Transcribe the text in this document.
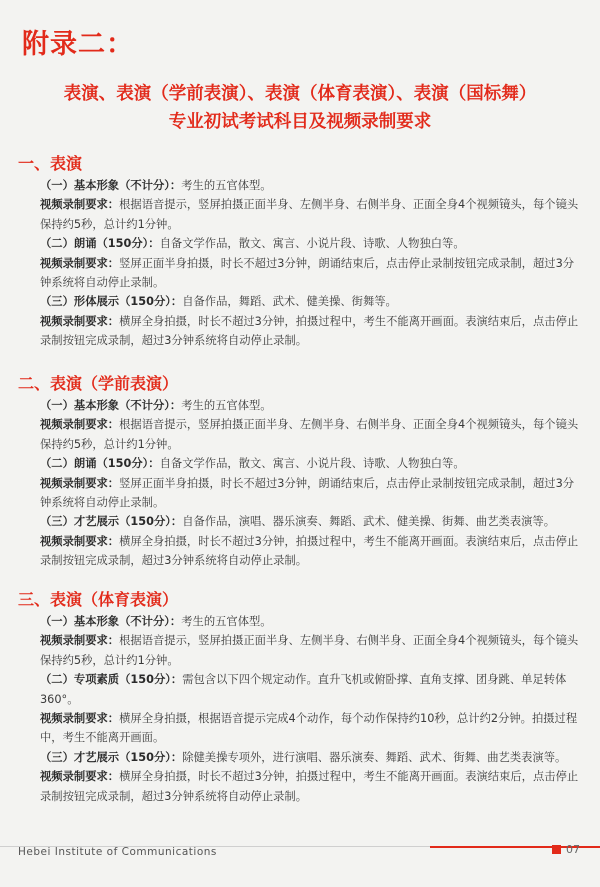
附录二：
表演、表演（学前表演）、表演（体育表演）、表演（国标舞）
专业初试考试科目及视频录制要求
一、表演

（一）基本形象（不计分）：考生的五官体型。

视频录制要求：根据语音提示，竖屏拍摄正面半身、左侧半身、右侧半身、正面全身4个视频镜头，每个镜头保持约5秒，总计约1分钟。

（二）朗诵（150分）：自备文学作品，散文、寓言、小说片段、诗歌、人物独白等。

视频录制要求：竖屏正面半身拍摄，时长不超过3分钟，朗诵结束后，点击停止录制按钮完成录制，超过3分钟系统将自动停止录制。

（三）形体展示（150分）：自备作品，舞蹈、武术、健美操、街舞等。

视频录制要求：横屏全身拍摄，时长不超过3分钟，拍摄过程中，考生不能离开画面。表演结束后，点击停止录制按钮完成录制，超过3分钟系统将自动停止录制。

二、表演（学前表演）

（一）基本形象（不计分）：考生的五官体型。

视频录制要求：根据语音提示，竖屏拍摄正面半身、左侧半身、右侧半身、正面全身4个视频镜头，每个镜头保持约5秒，总计约1分钟。

（二）朗诵（150分）：自备文学作品，散文、寓言、小说片段、诗歌、人物独白等。

视频录制要求：竖屏正面半身拍摄，时长不超过3分钟，朗诵结束后，点击停止录制按钮完成录制，超过3分钟系统将自动停止录制。

（三）才艺展示（150分）：自备作品，演唱、器乐演奏、舞蹈、武术、健美操、街舞、曲艺类表演等。

视频录制要求：横屏全身拍摄，时长不超过3分钟，拍摄过程中，考生不能离开画面。表演结束后，点击停止录制按钮完成录制，超过3分钟系统将自动停止录制。

三、表演（体育表演）

（一）基本形象（不计分）：考生的五官体型。

视频录制要求：根据语音提示，竖屏拍摄正面半身、左侧半身、右侧半身、正面全身4个视频镜头，每个镜头保持约5秒，总计约1分钟。

（二）专项素质（150分）：需包含以下四个规定动作。直升飞机或俯卧撑、直角支撑、团身跳、单足转体360°。

视频录制要求：横屏全身拍摄，根据语音提示完成4个动作，每个动作保持约10秒，总计约2分钟。拍摄过程中，考生不能离开画面。

（三）才艺展示（150分）：除健美操专项外，进行演唱、器乐演奏、舞蹈、武术、街舞、曲艺类表演等。

视频录制要求：横屏全身拍摄，时长不超过3分钟，拍摄过程中，考生不能离开画面。表演结束后，点击停止录制按钮完成录制，超过3分钟系统将自动停止录制。

Hebei Institute of Communications	07
